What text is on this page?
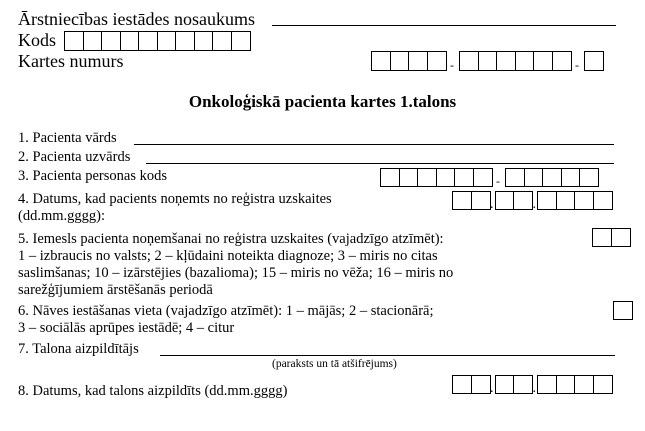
Ārstniecības iestādes nosaukums
Kods
Kartes numurs	-	-
Onkoloģiskā pacienta kartes 1.talons
1. Pacienta vārds
2. Pacienta uzvārds
3. Pacienta personas kods	-
4. Datums, kad pacients noņemts no reģistra uzskaites
(dd.mm.gggg):
.	.
5. Iemesls pacienta noņemšanai no reģistra uzskaites (vajadzīgo atzīmēt):
1 – izbraucis no valsts; 2 – kļūdaini noteikta diagnoze; 3 – miris no citas
saslimšanas; 10 – izārstējies (bazalioma); 15 – miris no vēža; 16 – miris no
sarežģījumiem ārstēšanās periodā
6. Nāves iestāšanas vieta (vajadzīgo atzīmēt): 1 – mājās; 2 – stacionārā;
3 – sociālās aprūpes iestādē; 4 – citur
7. Talona aizpildītājs
(paraksts un tā atšifrējums)
8. Datums, kad talons aizpildīts (dd.mm.gggg)	.	.
